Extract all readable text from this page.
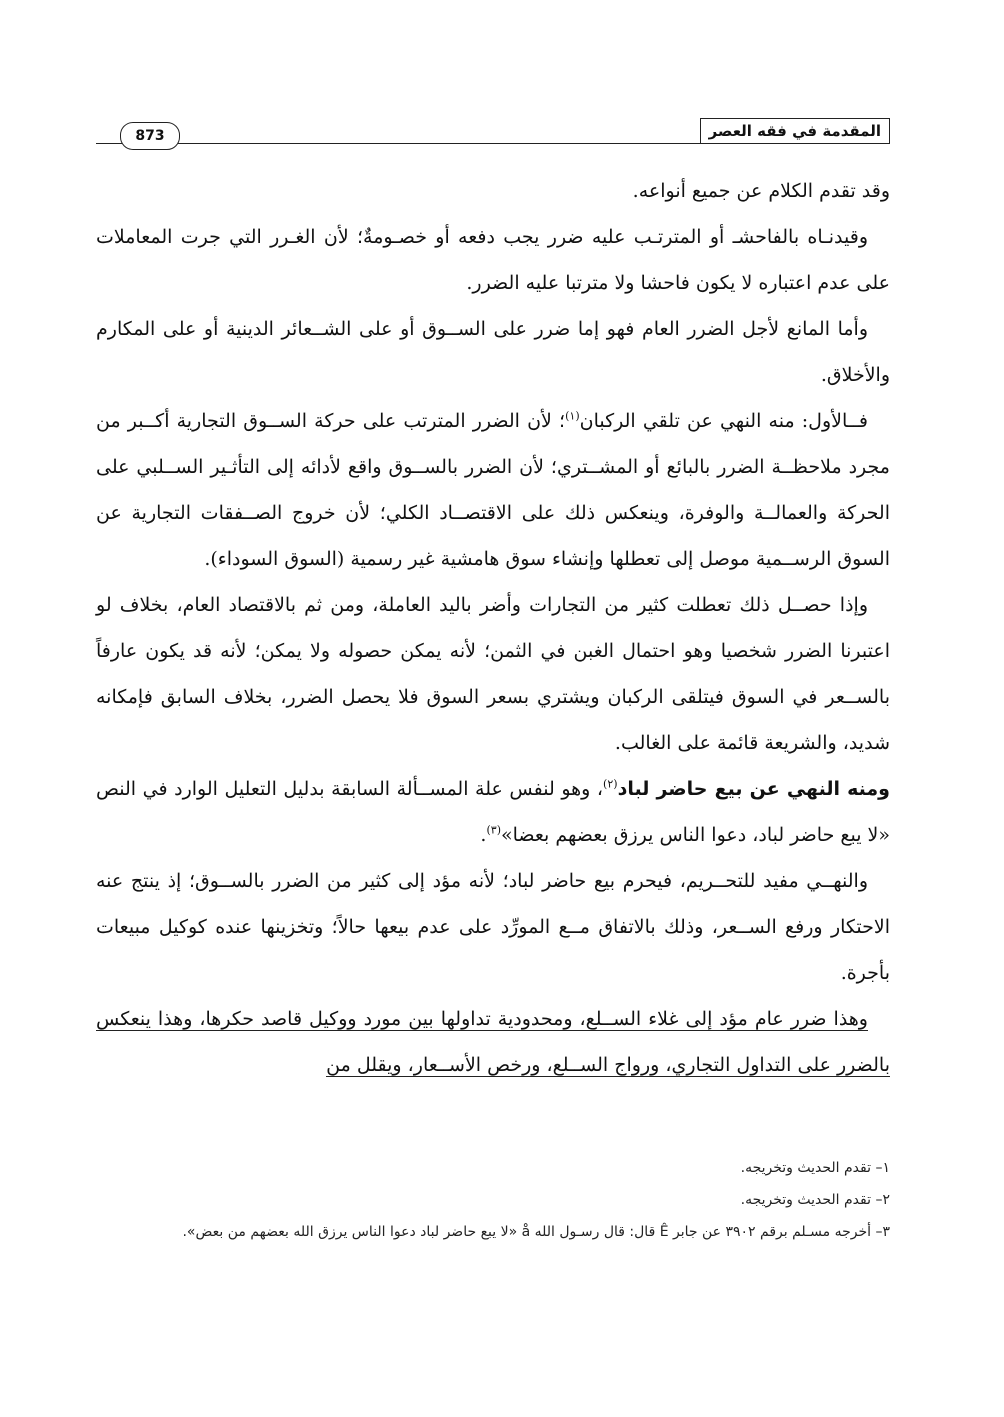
المقدمة في فقه العصر
873

وقد تقدم الكلام عن جميع أنواعه.

وقيدنـاه بالفاحشـ أو المترتـب عليه ضرر يجب دفعه أو خصـومةٌ؛ لأن الغـرر التي جرت المعاملات على عدم اعتباره لا يكون فاحشا ولا مترتبا عليه الضرر.

وأما المانع لأجل الضرر العام فهو إما ضرر على الســوق أو على الشــعائر الدينية أو على المكارم والأخلاق.

فــالأول: منه النهي عن تلقي الركبان$^{(١)}$؛ لأن الضرر المترتب على حركة الســوق التجارية أكــبر من مجرد ملاحظــة الضرر بالبائع أو المشــتري؛ لأن الضرر بالســوق واقع لأدائه إلى التأثـير الســلبي على الحركة والعمالــة والوفرة، وينعكس ذلك على الاقتصــاد الكلي؛ لأن خروج الصــفقات التجارية عن السوق الرســمية موصل إلى تعطلها وإنشاء سوق هامشية غير رسمية (السوق السوداء).

وإذا حصــل ذلك تعطلت كثير من التجارات وأضر باليد العاملة، ومن ثم بالاقتصاد العام، بخلاف لو اعتبرنا الضرر شخصيا وهو احتمال الغبن في الثمن؛ لأنه يمكن حصوله ولا يمكن؛ لأنه قد يكون عارفاً بالســعر في السوق فيتلقى الركبان ويشتري بسعر السوق فلا يحصل الضرر، بخلاف السابق فإمكانه شديد، والشريعة قائمة على الغالب.

ومنه النهي عن بيع حاضر لباد$^{(٢)}$، وهو لنفس علة المســألة السابقة بدليل التعليل الوارد في النص «لا يبع حاضر لباد، دعوا الناس يرزق بعضهم بعضا»$^{(٣)}$.

والنهــي مفيد للتحــريم، فيحرم بيع حاضر لباد؛ لأنه مؤد إلى كثير من الضرر بالســوق؛ إذ ينتج عنه الاحتكار ورفع الســعر، وذلك بالاتفاق مــع المورِّد على عدم بيعها حالاً؛ وتخزينها عنده كوكيل مبيعات بأجرة.

وهذا ضرر عام مؤد إلى غلاء الســلع، ومحدودية تداولها بين مورد ووكيل قاصد حكرها، وهذا ينعكس بالضرر على التداول التجاري، ورواج الســلع، ورخص الأســعار، ويقلل من

١– تقدم الحديث وتخريجه.
٢– تقدم الحديث وتخريجه.
٣– أخرجه مسـلم برقم ٣٩٠٢ عن جابر Ê قال: قال رسـول الله å «لا يبع حاضر لباد دعوا الناس يرزق الله بعضهم من بعض».
